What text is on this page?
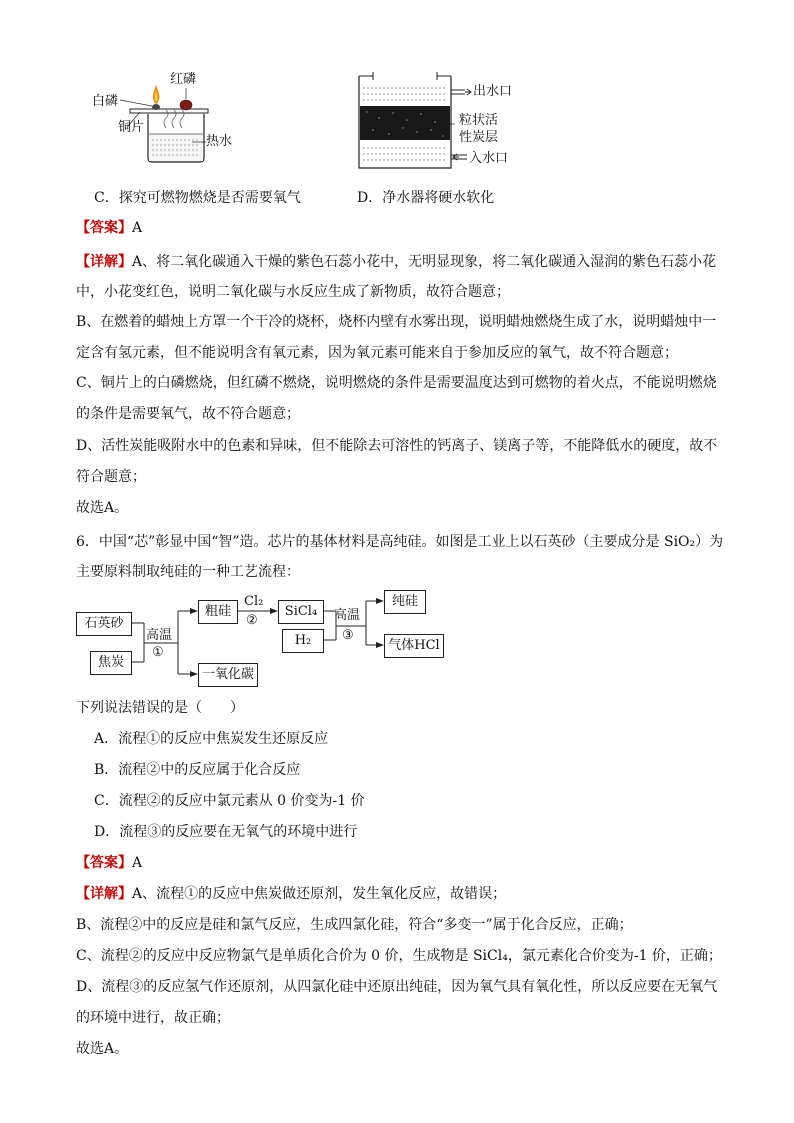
红磷
白磷
铜片
热水
出水口
粒状活
性炭层
入水口
C．探究可燃物燃烧是否需要氧气	D．净水器将硬水软化
【答案】A
【详解】A、将二氧化碳通入干燥的紫色石蕊小花中，无明显现象，将二氧化碳通入湿润的紫色石蕊小花
中，小花变红色，说明二氧化碳与水反应生成了新物质，故符合题意；
B、在燃着的蜡烛上方罩一个干冷的烧杯，烧杯内壁有水雾出现，说明蜡烛燃烧生成了水，说明蜡烛中一
定含有氢元素，但不能说明含有氧元素，因为氧元素可能来自于参加反应的氧气，故不符合题意；
C、铜片上的白磷燃烧，但红磷不燃烧，说明燃烧的条件是需要温度达到可燃物的着火点，不能说明燃烧
的条件是需要氧气，故不符合题意；
D、活性炭能吸附水中的色素和异味，但不能除去可溶性的钙离子、镁离子等，不能降低水的硬度，故不
符合题意；
故选A。
6．中国“芯”彰显中国“智”造。芯片的基体材料是高纯硅。如图是工业上以石英砂（主要成分是 SiO₂）为
主要原料制取纯硅的一种工艺流程：
石英砂
焦炭
高温
①
粗硅
一氧化碳
Cl₂
②
SiCl₄
H₂
高温
③
纯硅
气体HCl
下列说法错误的是（　　）
A．流程①的反应中焦炭发生还原反应
B．流程②中的反应属于化合反应
C．流程②的反应中氯元素从 0 价变为-1 价
D．流程③的反应要在无氧气的环境中进行
【答案】A
【详解】A、流程①的反应中焦炭做还原剂，发生氧化反应，故错误；
B、流程②中的反应是硅和氯气反应，生成四氯化硅，符合“多变一”属于化合反应，正确；
C、流程②的反应中反应物氯气是单质化合价为 0 价，生成物是 SiCl₄，氯元素化合价变为-1 价，正确；
D、流程③的反应氢气作还原剂，从四氯化硅中还原出纯硅，因为氧气具有氧化性，所以反应要在无氧气
的环境中进行，故正确；
故选A。
